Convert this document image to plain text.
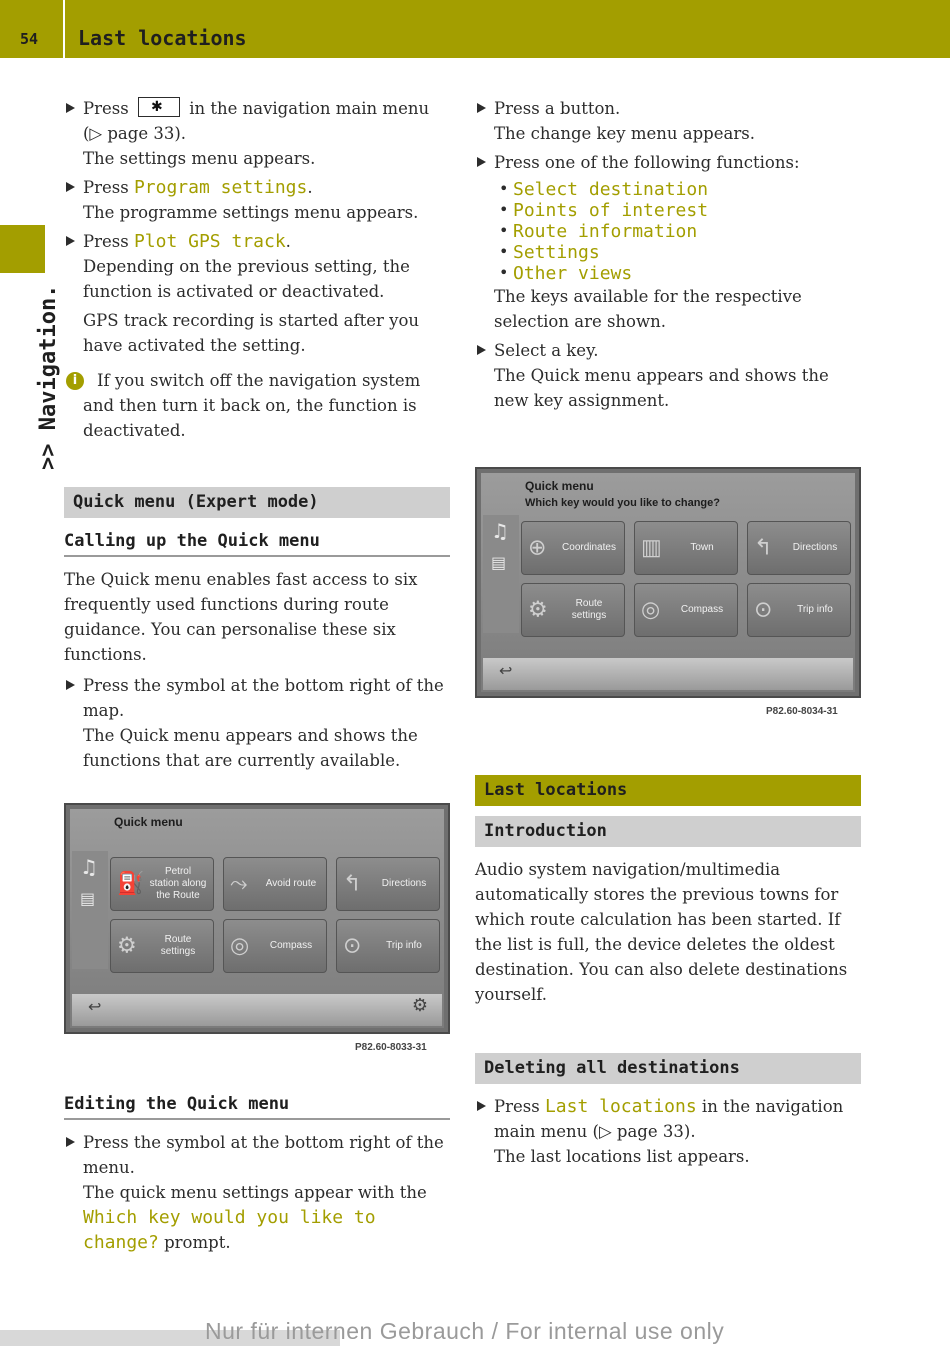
54 Last locations
>> Navigation.
Press ✱ in the navigation main menu (▷ page 33).
The settings menu appears.
Press Program settings.
The programme settings menu appears.
Press Plot GPS track.
Depending on the previous setting, the function is activated or deactivated.
GPS track recording is started after you have activated the setting.
i	If you switch off the navigation system and then turn it back on, the function is deactivated.
Quick menu (Expert mode)
Calling up the Quick menu

The Quick menu enables fast access to six frequently used functions during route guidance. You can personalise these six functions.

Press the symbol at the bottom right of the map.
The Quick menu appears and shows the functions that are currently available.
Quick menu
♫
▤
⛽	Petrol station along the Route	⤳	Avoid route ↰	Directions
⚙	Route settings	◎	Compass	⊙	Trip info
↩	⚙
P82.60-8033-31
Editing the Quick menu
Press the symbol at the bottom right of the menu.
The quick menu settings appear with the
Which key would you like to change? prompt.
Press a button.
The change key menu appears.
Press one of the following functions:
• Select destination
• Points of interest
• Route information
• Settings
• Other views

The keys available for the respective selection are shown.

Select a key.
The Quick menu appears and shows the new key assignment.
Quick menu
Which key would you like to change?
♫
▤
⊕ Coordinates ▥	Town	↰	Directions
⚙	Route settings	◎	Compass	⊙	Trip info
↩
P82.60-8034-31
Last locations
Introduction

Audio system navigation/multimedia automatically stores the previous towns for which route calculation has been started. If the list is full, the device deletes the oldest destination. You can also delete destinations yourself.

Deleting all destinations
Press Last locations in the navigation main menu (▷ page 33).
The last locations list appears.
Nur für internen Gebrauch / For internal use only
